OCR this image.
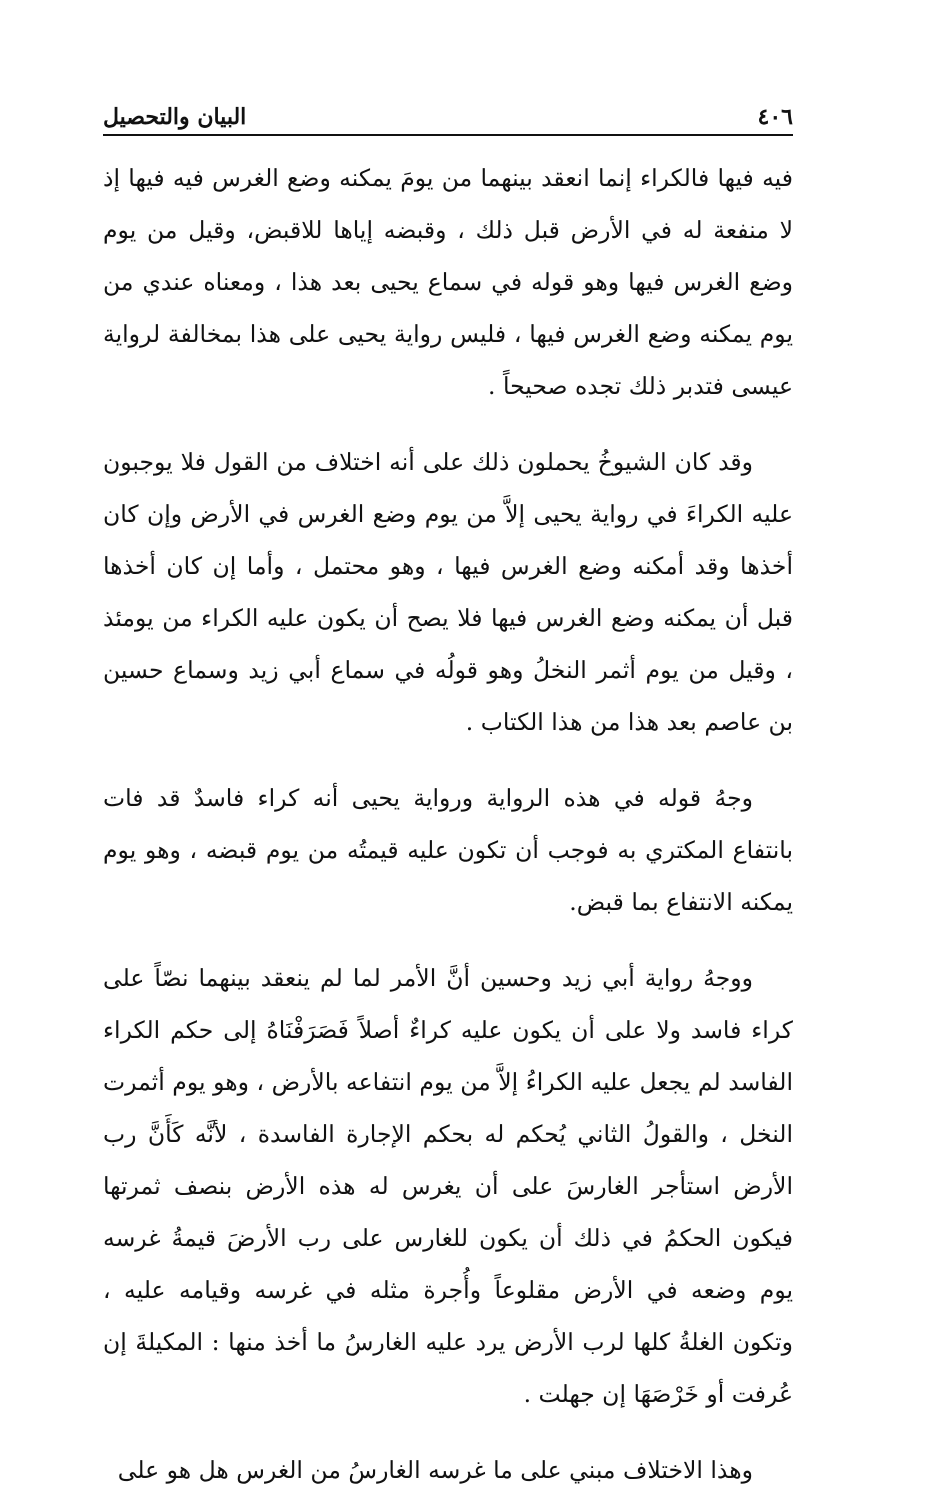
٤٠٦
البيان والتحصيل

فيه فيها فالكراء إنما انعقد بينهما من يومَ يمكنه وضع الغرس فيه فيها إذ لا منفعة له في الأرض قبل ذلك ، وقبضه إياها للاقبض، وقيل من يوم وضع الغرس فيها وهو قوله في سماع يحيى بعد هذا ، ومعناه عندي من يوم يمكنه وضع الغرس فيها ، فليس رواية يحيى على هذا بمخالفة لرواية عيسى فتدبر ذلك تجده صحيحاً .

وقد كان الشيوخُ يحملون ذلك على أنه اختلاف من القول فلا يوجبون عليه الكراءَ في رواية يحيى إلاَّ من يوم وضع الغرس في الأرض وإن كان أخذها وقد أمكنه وضع الغرس فيها ، وهو محتمل ، وأما إن كان أخذها قبل أن يمكنه وضع الغرس فيها فلا يصح أن يكون عليه الكراء من يومئذ ، وقيل من يوم أثمر النخلُ وهو قولُه في سماع أبي زيد وسماع حسين بن عاصم بعد هذا من هذا الكتاب .

وجهُ قوله في هذه الرواية ورواية يحيى أنه كراء فاسدٌ قد فات بانتفاع المكتري به فوجب أن تكون عليه قيمتُه من يوم قبضه ، وهو يوم يمكنه الانتفاع بما قبض.

ووجهُ رواية أبي زيد وحسين أنَّ الأمر لما لم ينعقد بينهما نصّاً على كراء فاسد ولا على أن يكون عليه كراءٌ أصلاً فَصَرَفْنَاهُ إلى حكم الكراء الفاسد لم يجعل عليه الكراءُ إلاَّ من يوم انتفاعه بالأرض ، وهو يوم أثمرت النخل ، والقولُ الثاني يُحكم له بحكم الإجارة الفاسدة ، لأنَّه كَأَنَّ رب الأرض استأجر الغارسَ على أن يغرس له هذه الأرض بنصف ثمرتها فيكون الحكمُ في ذلك أن يكون للغارس على رب الأرضَ قيمةُ غرسه يوم وضعه في الأرض مقلوعاً وأُجرة مثله في غرسه وقيامه عليه ، وتكون الغلةُ كلها لرب الأرض يرد عليه الغارسُ ما أخذ منها : المكيلةَ إن عُرفت أو خَرْصَهَا إن جهلت .

وهذا الاختلاف مبني على ما غرسه الغارسُ من الغرس هل هو على
